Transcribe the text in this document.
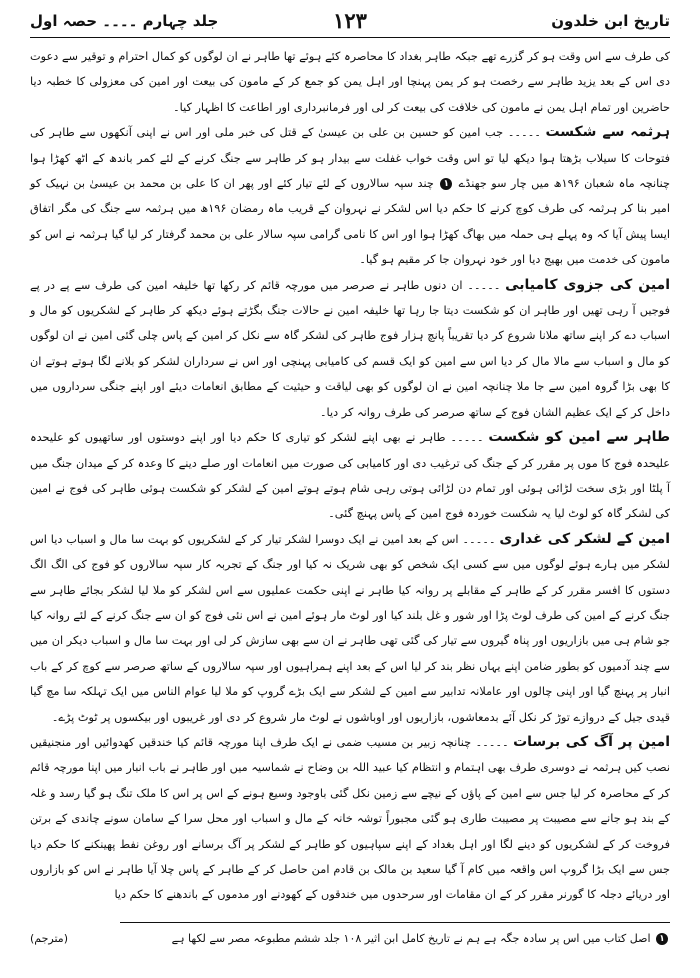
تاریخ ابن خلدون
۱۲۳
جلد چہارم ۔۔۔۔ حصہ اول

کی طرف سے اس وقت ہو کر گزرے تھے جبکہ طاہر بغداد کا محاصرہ کئے ہوئے تھا طاہر نے ان لوگوں کو کمال احترام و توقیر سے دعوت دی اس کے بعد یزید طاہر سے رخصت ہو کر یمن پہنچا اور اہل یمن کو جمع کر کے مامون کی بیعت اور امین کی معزولی کا خطبہ دیا حاضرین اور تمام اہل یمن نے مامون کی خلافت کی بیعت کر لی اور فرمانبرداری اور اطاعت کا اظہار کیا۔

ہرثمہ سے شکست ۔۔۔۔۔ جب امین کو حسین بن علی بن عیسیٰ کے قتل کی خبر ملی اور اس نے اپنی آنکھوں سے طاہر کی فتوحات کا سیلاب بڑھتا ہوا دیکھ لیا تو اس وقت خواب غفلت سے بیدار ہو کر طاہر سے جنگ کرنے کے لئے کمر باندھ کے اٹھ کھڑا ہوا چنانچہ ماہ شعبان ۱۹۶ھ میں چار سو جھنڈے ۱ چند سپہ سالاروں کے لئے تیار کئے اور پھر ان کا علی بن محمد بن عیسیٰ بن نہیک کو امیر بنا کر ہرثمہ کی طرف کوچ کرنے کا حکم دیا اس لشکر نے نہروان کے قریب ماہ رمضان ۱۹۶ھ میں ہرثمہ سے جنگ کی مگر اتفاق ایسا پیش آیا کہ وہ پہلے ہی حملہ میں بھاگ کھڑا ہوا اور اس کا نامی گرامی سپہ سالار علی بن محمد گرفتار کر لیا گیا ہرثمہ نے اس کو مامون کی خدمت میں بھیج دیا اور خود نہروان جا کر مقیم ہو گیا۔

امین کی جزوی کامیابی ۔۔۔۔۔ ان دنوں طاہر نے صرصر میں مورچہ قائم کر رکھا تھا خلیفہ امین کی طرف سے پے در پے فوجیں آ رہی تھیں اور طاہر ان کو شکست دیتا جا رہا تھا خلیفہ امین نے حالات جنگ بگڑتے ہوئے دیکھ کر طاہر کے لشکریوں کو مال و اسباب دے کر اپنے ساتھ ملانا شروع کر دیا تقریباً پانچ ہزار فوج طاہر کی لشکر گاہ سے نکل کر امین کے پاس چلی گئی امین نے ان لوگوں کو مال و اسباب سے مالا مال کر دیا اس سے امین کو ایک قسم کی کامیابی پہنچی اور اس نے سرداران لشکر کو بلانے لگا ہوتے ہوتے ان کا بھی بڑا گروہ امین سے جا ملا چنانچہ امین نے ان لوگوں کو بھی لیاقت و حیثیت کے مطابق انعامات دیئے اور اپنے جنگی سرداروں میں داخل کر کے ایک عظیم الشان فوج کے ساتھ صرصر کی طرف روانہ کر دیا۔

طاہر سے امین کو شکست ۔۔۔۔۔ طاہر نے بھی اپنے لشکر کو تیاری کا حکم دیا اور اپنے دوستوں اور ساتھیوں کو علیحدہ علیحدہ فوج کا موں پر مقرر کر کے جنگ کی ترغیب دی اور کامیابی کی صورت میں انعامات اور صلے دینے کا وعدہ کر کے میدان جنگ میں آ پلٹا اور بڑی سخت لڑائی ہوئی اور تمام دن لڑائی ہوتی رہی شام ہوتے ہوتے امین کے لشکر کو شکست ہوئی طاہر کی فوج نے امین کی لشکر گاہ کو لوٹ لیا یہ شکست خوردہ فوج امین کے پاس پہنچ گئی۔

امین کے لشکر کی غداری ۔۔۔۔۔ اس کے بعد امین نے ایک دوسرا لشکر تیار کر کے لشکریوں کو بہت سا مال و اسباب دیا اس لشکر میں ہارے ہوئے لوگوں میں سے کسی ایک شخص کو بھی شریک نہ کیا اور جنگ کے تجربہ کار سپہ سالاروں کو فوج کی الگ الگ دستوں کا افسر مقرر کر کے طاہر کے مقابلے پر روانہ کیا طاہر نے اپنی حکمت عملیوں سے اس لشکر کو ملا لیا لشکر بجائے طاہر سے جنگ کرنے کے امین کی طرف لوٹ پڑا اور شور و غل بلند کیا اور لوٹ مار ہوئے امین نے اس نئی فوج کو ان سے جنگ کرنے کے لئے روانہ کیا جو شام ہی میں بازاریوں اور پناہ گیروں سے تیار کی گئی تھی طاہر نے ان سے بھی سازش کر لی اور بہت سا مال و اسباب دیکر ان میں سے چند آدمیوں کو بطور ضامن اپنے یہاں نظر بند کر لیا اس کے بعد اپنے ہمراہیوں اور سپہ سالاروں کے ساتھ صرصر سے کوچ کر کے باب انبار پر پہنچ گیا اور اپنی چالوں اور عاملانہ تدابیر سے امین کے لشکر سے ایک بڑے گروپ کو ملا لیا عوام الناس میں ایک تہلکہ سا مچ گیا قیدی جیل کے دروازے توڑ کر نکل آئے بدمعاشوں، بازاریوں اور اوباشوں نے لوٹ مار شروع کر دی اور غریبوں اور بیکسوں پر ٹوٹ پڑے۔

امین پر آگ کی برسات ۔۔۔۔۔ چنانچہ زبیر بن مسیب ضمی نے ایک طرف اپنا مورچہ قائم کیا خندقیں کھدوائیں اور منجنیقیں نصب کیں ہرثمہ نے دوسری طرف بھی اہتمام و انتظام کیا عبید اللہ بن وضاح نے شماسیہ میں اور طاہر نے باب انبار میں اپنا مورچہ قائم کر کے محاصرہ کر لیا جس سے امین کے پاؤں کے نیچے سے زمین نکل گئی باوجود وسیع ہونے کے اس پر اس کا ملک تنگ ہو گیا رسد و غلہ کے بند ہو جانے سے مصیبت پر مصیبت طاری ہو گئی مجبوراً توشہ خانہ کے مال و اسباب اور محل سرا کے سامان سونے چاندی کے برتن فروخت کر کے لشکریوں کو دینے لگا اور اہل بغداد کے اپنے سپاہیوں کو طاہر کے لشکر پر آگ برسانے اور روغن نفط پھینکنے کا حکم دیا جس سے ایک بڑا گروپ اس واقعہ میں کام آ گیا سعید بن مالک بن قادم امن حاصل کر کے طاہر کے پاس چلا آیا طاہر نے اس کو بازاروں اور دریائے دجلہ کا گورنر مقرر کر کے ان مقامات اور سرحدوں میں خندقوں کے کھودنے اور مدموں کے باندھنے کا حکم دیا

۱ اصل کتاب میں اس پر سادہ جگہ ہے ہم نے تاریخ کامل ابن اثیر ۱۰۸ جلد ششم مطبوعہ مصر سے لکھا ہے
(مترجم)
